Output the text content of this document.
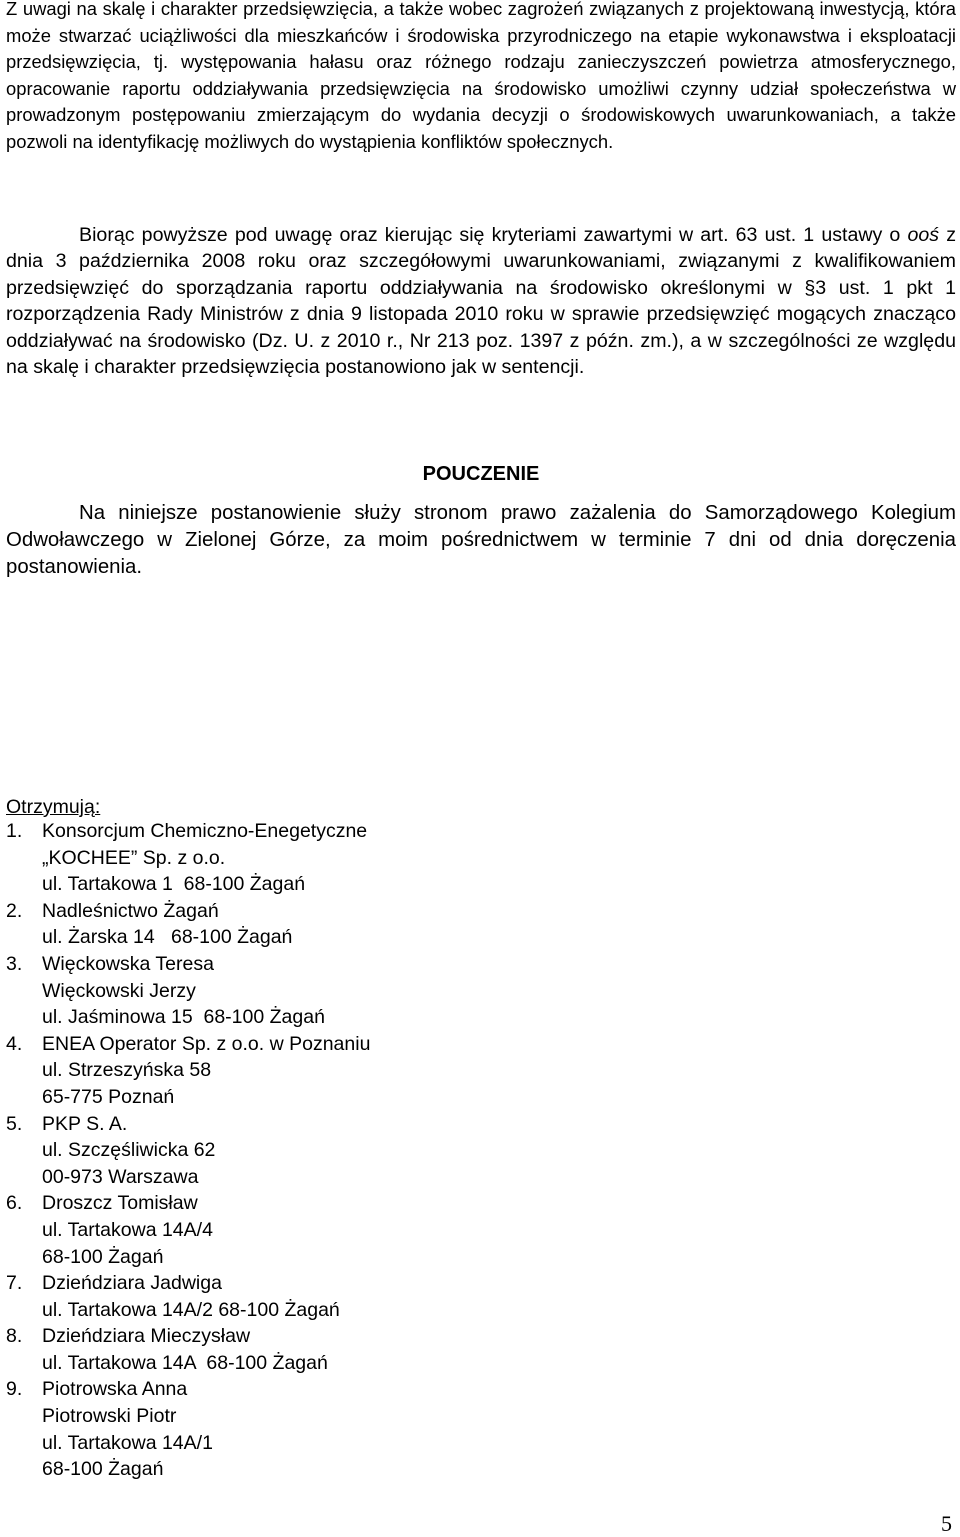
Z uwagi na skalę i charakter przedsięwzięcia, a także wobec zagrożeń związanych z projektowaną inwestycją, która może stwarzać uciążliwości dla mieszkańców i środowiska przyrodniczego na etapie wykonawstwa i eksploatacji przedsięwzięcia, tj. występowania hałasu oraz różnego rodzaju zanieczyszczeń powietrza atmosferycznego, opracowanie raportu oddziaływania przedsięwzięcia na środowisko umożliwi czynny udział społeczeństwa w prowadzonym postępowaniu zmierzającym do wydania decyzji o środowiskowych uwarunkowaniach, a także pozwoli na identyfikację możliwych do wystąpienia konfliktów społecznych.

Biorąc powyższe pod uwagę oraz kierując się kryteriami zawartymi w art. 63 ust. 1 ustawy o ooś z dnia 3 października 2008 roku oraz szczegółowymi uwarunkowaniami, związanymi z kwalifikowaniem przedsięwzięć do sporządzania raportu oddziaływania na środowisko określonymi w §3 ust. 1 pkt 1 rozporządzenia Rady Ministrów z dnia 9 listopada 2010 roku w sprawie przedsięwzięć mogących znacząco oddziaływać na środowisko (Dz. U. z 2010 r., Nr 213 poz. 1397 z późn. zm.), a w szczególności ze względu na skalę i charakter przedsięwzięcia postanowiono jak w sentencji.

POUCZENIE

Na niniejsze postanowienie służy stronom prawo zażalenia do Samorządowego Kolegium Odwoławczego w Zielonej Górze, za moim pośrednictwem w terminie 7 dni od dnia doręczenia postanowienia.

Otrzymują:
1.	Konsorcjum Chemiczno-Enegetyczne
„KOCHEE” Sp. z o.o.
ul. Tartakowa 1  68-100 Żagań
2.	Nadleśnictwo Żagań
ul. Żarska 14   68-100 Żagań
3.	Więckowska Teresa
Więckowski Jerzy
ul. Jaśminowa 15  68-100 Żagań
4.	ENEA Operator Sp. z o.o. w Poznaniu
ul. Strzeszyńska 58
65-775 Poznań
5.	PKP S. A.
ul. Szczęśliwicka 62
00-973 Warszawa
6.	Droszcz Tomisław
ul. Tartakowa 14A/4
68-100 Żagań
7.	Dzieńdziara Jadwiga
ul. Tartakowa 14A/2 68-100 Żagań
8.	Dzieńdziara Mieczysław
ul. Tartakowa 14A  68-100 Żagań
9.	Piotrowska Anna
Piotrowski Piotr
ul. Tartakowa 14A/1
68-100 Żagań
5
